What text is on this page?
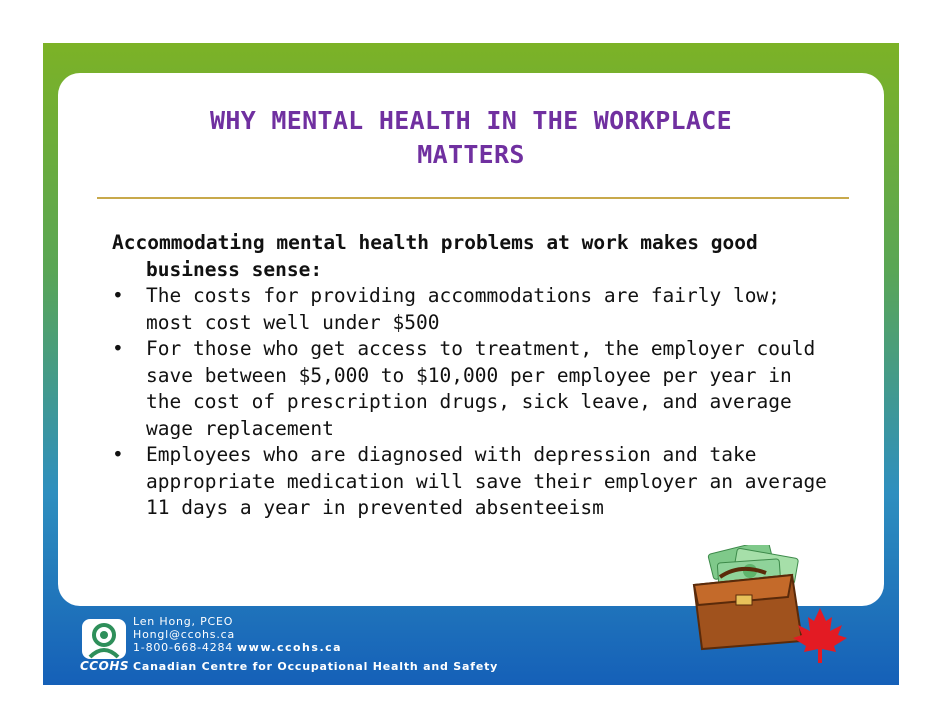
WHY MENTAL HEALTH IN THE WORKPLACE
MATTERS

Accommodating mental health problems at work makes good business sense:

•	The costs for providing accommodations are fairly low; most cost well under $500
•	For those who get access to treatment, the employer could save between $5,000 to $10,000 per employee per year in the cost of prescription drugs, sick leave, and average wage replacement
•	Employees who are diagnosed with depression and take appropriate medication will save their employer an average 11 days a year in prevented absenteeism
CCOHS
Len Hong, PCEO
Hongl@ccohs.ca
1-800-668-4284 www.ccohs.ca
Canadian Centre for Occupational Health and Safety
